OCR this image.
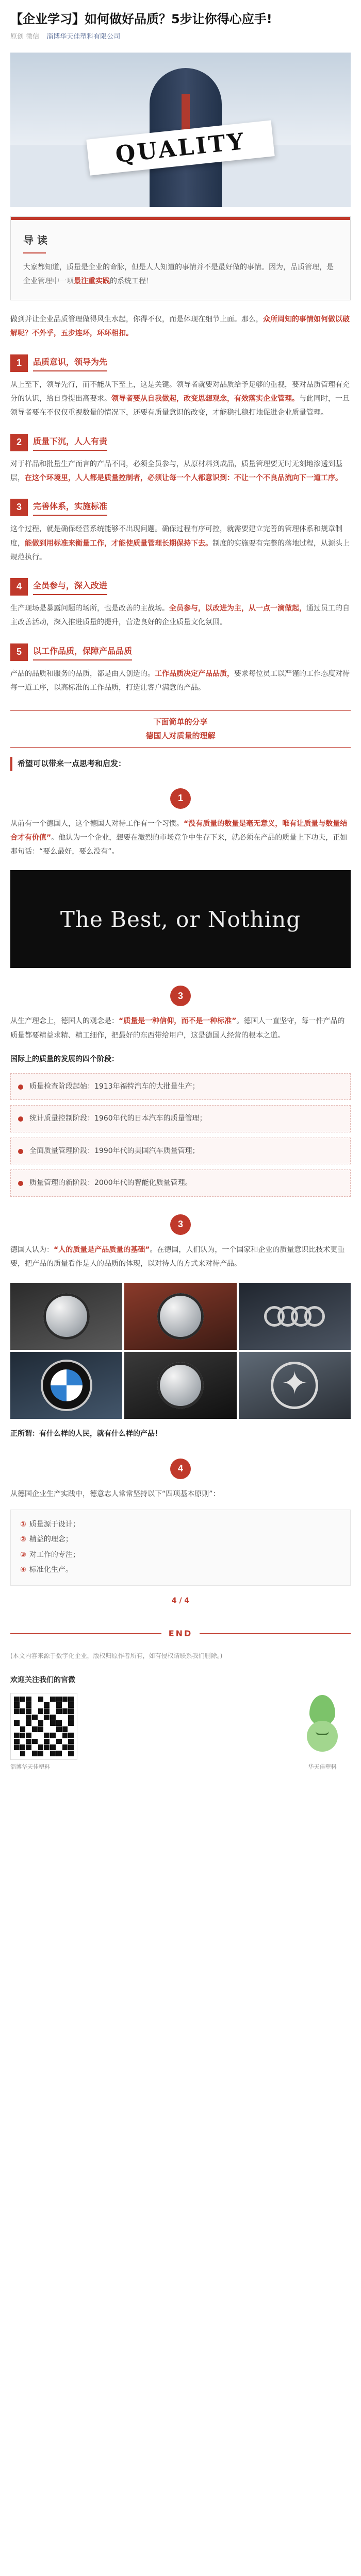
【企业学习】如何做好品质？5步让你得心应手!
原创 微信 淄博华天佳塑料有限公司
QUALITY
导 读

大家都知道，质量是企业的命脉，但是人人知道的事情并不是最好做的事情。因为，品质管理，是企业管理中一项最注重实践的系统工程！

做到并让企业品质管理做得风生水起，你得不仅，而是体现在细节上面。那么，众所周知的事情如何做以破解呢？不外乎，五步连环，环环相扣。

1	品质意识，领导为先

从上至下，领导先行，而不能从下至上，这是关键。领导者就要对品质给予足够的重视，要对品质管理有充分的认识，给自身提出高要求。领导者要从自我做起，改变思想观念，有效落实企业管理。与此同时，一旦领导者要在不仅仅重视数量的情况下，还要有质量意识的改变，才能稳扎稳打地促进企业质量管理。

2	质量下沉，人人有责

对于样品和批量生产而言的产品不同，必须全员参与，从原材料到成品，质量管理要无时无刻地渗透到基层，在这个环境里，人人都是质量控制者，必须让每一个人都意识到：不让一个不良品流向下一道工序。

3	完善体系，实施标准

这个过程，就是确保经营系统能够不出现问题。确保过程有序可控，就需要建立完善的管理体系和规章制度，能做到用标准来衡量工作，才能使质量管理长期保持下去。制度的实施要有完整的落地过程，从源头上规范执行。

4	全员参与，深入改进

生产现场是暴露问题的场所，也是改善的主战场。全员参与，以改进为主，从一点一滴做起，通过员工的自主改善活动，深入推进质量的提升，营造良好的企业质量文化氛围。

5	以工作品质，保障产品品质

产品的品质和服务的品质，都是由人创造的。工作品质决定产品品质，要求每位员工以严谨的工作态度对待每一道工序，以高标准的工作品质，打造让客户满意的产品。

下面简单的分享
德国人对质量的理解
希望可以带来一点思考和启发：
1

从前有一个德国人，这个德国人对待工作有一个习惯。“没有质量的数量是毫无意义，唯有让质量与数量结合才有价值”。他认为一个企业，想要在激烈的市场竞争中生存下来，就必须在产品的质量上下功夫，正如那句话：“要么最好，要么没有”。

The Best, or Nothing
3

从生产理念上，德国人的观念是：“质量是一种信仰，而不是一种标准”。德国人一直坚守，每一件产品的质量都要精益求精、精工细作，把最好的东西带给用户，这是德国人经营的根本之道。

国际上的质量的发展的四个阶段：
质量检查阶段起始：1913年福特汽车的大批量生产；
统计质量控制阶段：1960年代的日本汽车的质量管理；
全面质量管理阶段：1990年代的美国汽车质量管理；
质量管理的新阶段：2000年代的智能化质量管理。
3

德国人认为：“人的质量是产品质量的基础”。在德国，人们认为，一个国家和企业的质量意识比技术更重要，把产品的质量看作是人的品质的体现，以对待人的方式来对待产品。

✦

正所谓：有什么样的人民，就有什么样的产品！

4

从德国企业生产实践中，德意志人常常坚持以下“四项基本原则”：

① 质量源于设计；
② 精益的理念；
③ 对工作的专注；
④ 标准化生产。
4 / 4
END

(本文内容来源于数字化企业，版权归原作者所有，如有侵权请联系我们删除。)

欢迎关注我们的官微
淄博华天佳塑料	华天佳塑料
